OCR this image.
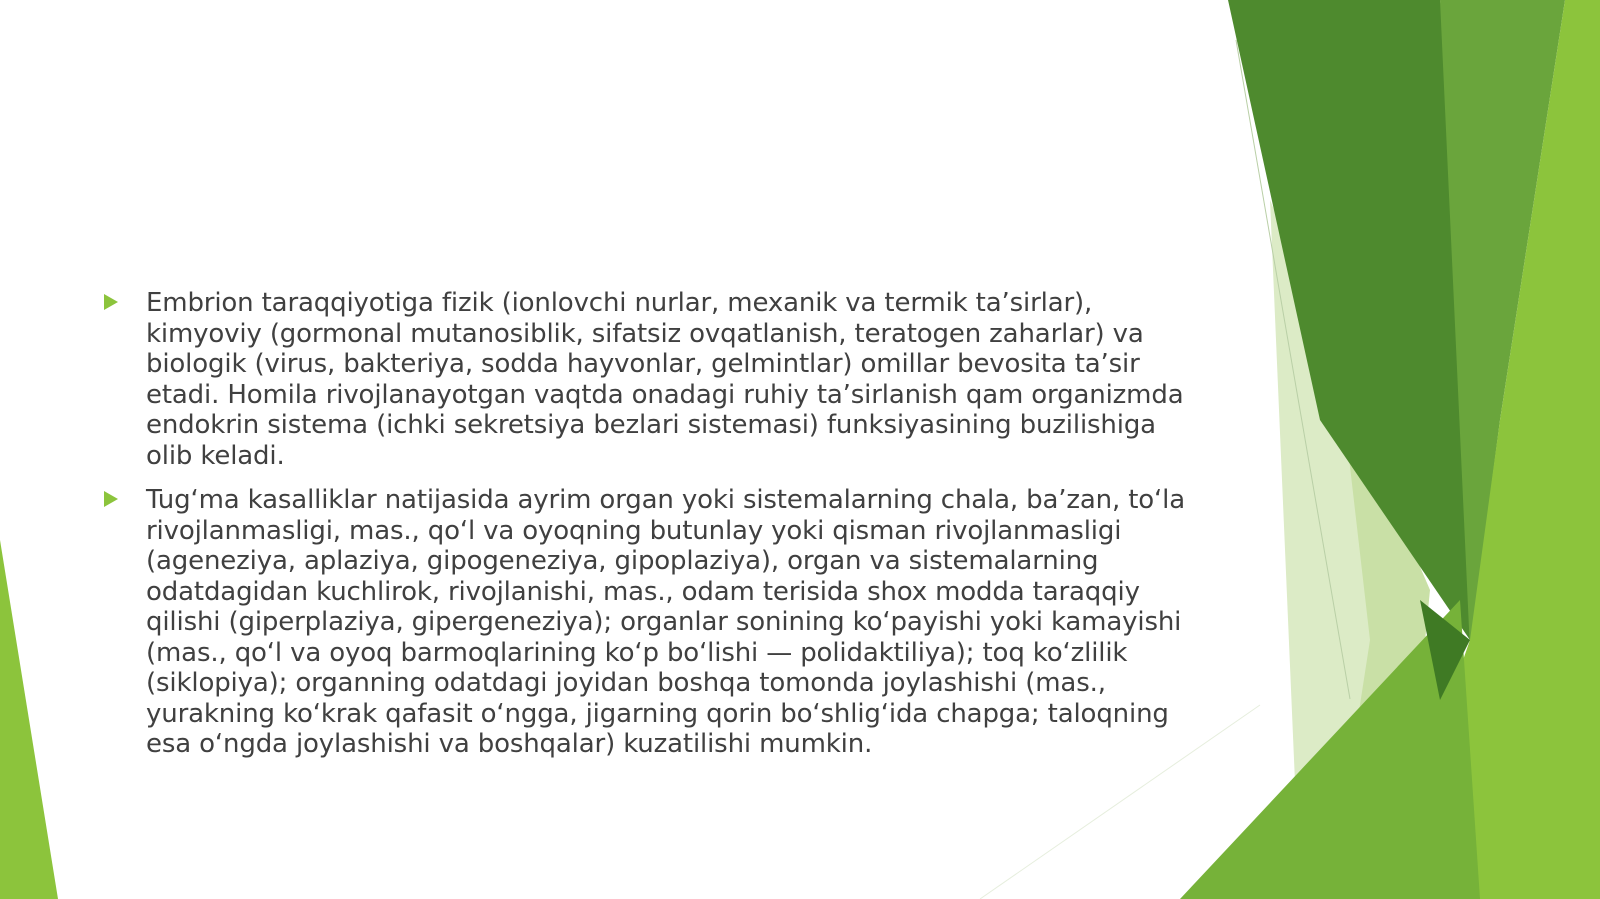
Embrion taraqqiyotiga fizik (ionlovchi nurlar, mexanik va termik ta’sirlar), kimyoviy (gormonal mutanosiblik, sifatsiz ovqatlanish, teratogen zaharlar) va biologik (virus, bakteriya, sodda hayvonlar, gelmintlar) omillar bevosita ta’sir etadi. Homila rivojlanayotgan vaqtda onadagi ruhiy ta’sirlanish qam organizmda endokrin sistema (ichki sekretsiya bezlari sistemasi) funksiyasining buzilishiga olib keladi.
Tug‘ma kasalliklar natijasida ayrim organ yoki sistemalarning chala, ba’zan, to‘la rivojlanmasligi, mas., qo‘l va oyoqning butunlay yoki qisman rivojlanmasligi (ageneziya, aplaziya, gipogeneziya, gipoplaziya), organ va sistemalarning odatdagidan kuchlirok, rivojlanishi, mas., odam terisida shox modda taraqqiy qilishi (giperplaziya, gipergeneziya); organlar sonining ko‘payishi yoki kamayishi (mas., qo‘l va oyoq barmoqlarining ko‘p bo‘lishi — polidaktiliya); toq ko‘zlilik (siklopiya); organning odatdagi joyidan boshqa tomonda joylashishi (mas., yurakning ko‘krak qafasit o‘ngga, jigarning qorin bo‘shlig‘ida chapga; taloqning esa o‘ngda joylashishi va boshqalar) kuzatilishi mumkin.
